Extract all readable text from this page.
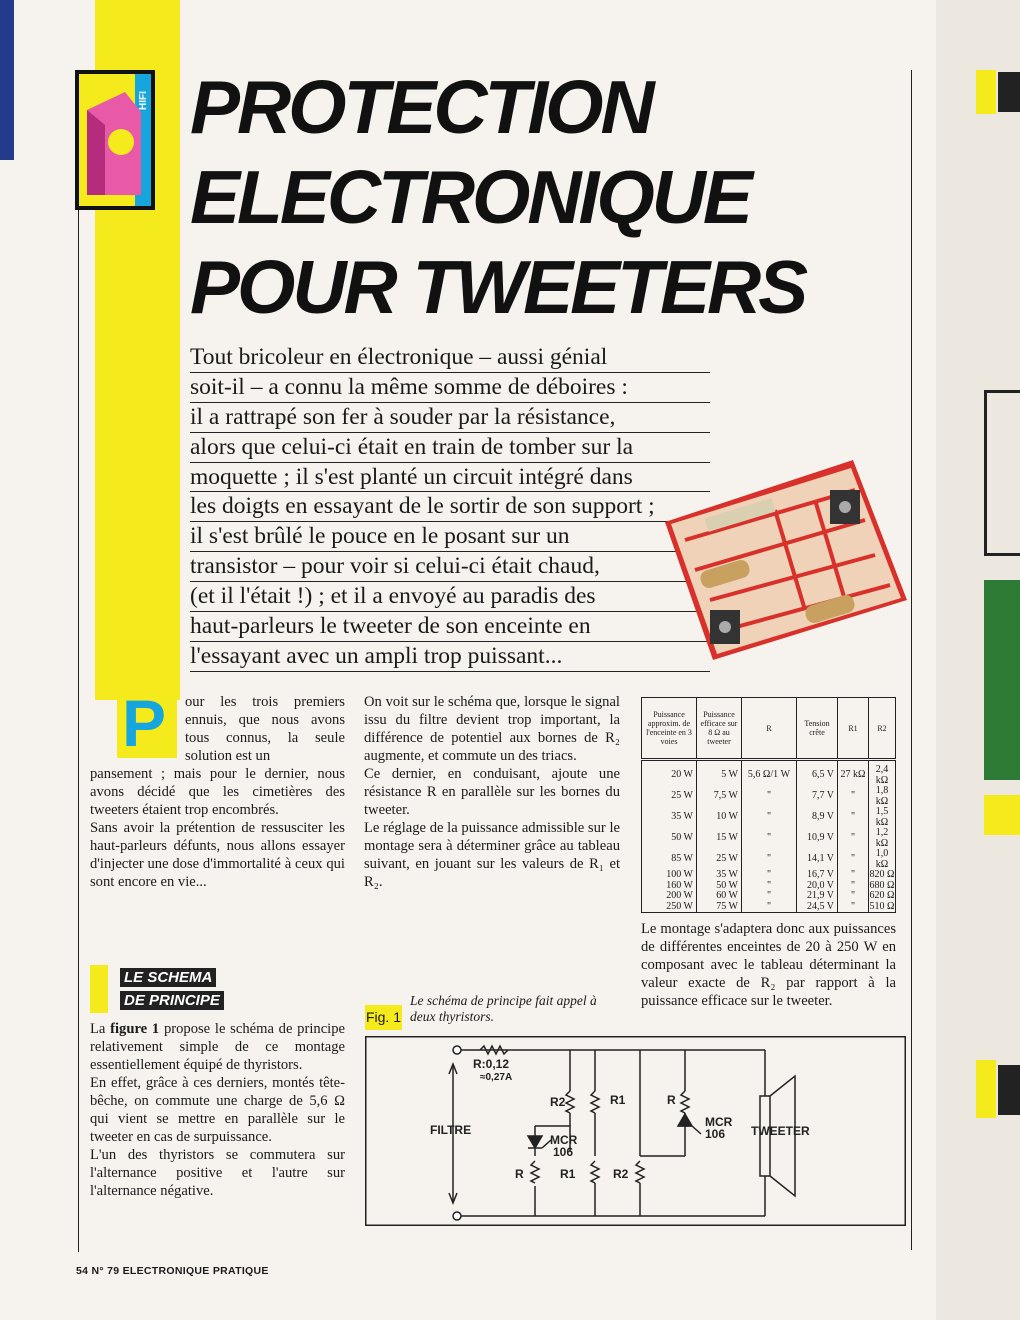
HIFI PROTECTION
ELECTRONIQUE
POUR TWEETERS
Tout bricoleur en électronique – aussi génial
soit-il – a connu la même somme de déboires :
il a rattrapé son fer à souder par la résistance,
alors que celui-ci était en train de tomber sur la
moquette ; il s'est planté un circuit intégré dans
les doigts en essayant de le sortir de son support ;
il s'est brûlé le pouce en le posant sur un
transistor – pour voir si celui-ci était chaud,
(et il l'était !) ; et il a envoyé au paradis des
haut-parleurs le tweeter de son enceinte en
l'essayant avec un ampli trop puissant...
P our les trois premiers ennuis, que nous avons tous connus, la seule solution est un

pansement ; mais pour le dernier, nous avons décidé que les cimetières des tweeters étaient trop encombrés.

Sans avoir la prétention de ressusciter les haut-parleurs défunts, nous allons essayer d'injecter une dose d'immortalité à ceux qui sont encore en vie...

LE SCHEMA
DE PRINCIPE

La figure 1 propose le schéma de principe relativement simple de ce montage essentiellement équipé de thyristors.

En effet, grâce à ces derniers, montés tête-bêche, on commute une charge de 5,6 Ω qui vient se mettre en parallèle sur le tweeter en cas de surpuissance.

L'un des thyristors se commutera sur l'alternance positive et l'autre sur l'alternance négative.

On voit sur le schéma que, lorsque le signal issu du filtre devient trop important, la différence de potentiel aux bornes de R₂ augmente, et commute un des triacs.

Ce dernier, en conduisant, ajoute une résistance R en parallèle sur les bornes du tweeter.

Le réglage de la puissance admissible sur le montage sera à déterminer grâce au tableau suivant, en jouant sur les valeurs de R₁ et R₂.

Puissance approxim. de l'enceinte en 3 voies	Puissance efficace sur 8 Ω au tweeter	R	Tension crête	R1	R2
20 W	5 W	5,6 Ω/1 W	6,5 V	27 kΩ	2,4 kΩ
25 W	7,5 W	"	7,7 V	"	1,8 kΩ
35 W	10 W	"	8,9 V	"	1,5 kΩ
50 W	15 W	"	10,9 V	"	1,2 kΩ
85 W	25 W	"	14,1 V	"	1,0 kΩ
100 W	35 W	"	16,7 V	"	820 Ω
160 W	50 W	"	20,0 V	"	680 Ω
200 W	60 W	"	21,9 V	"	620 Ω
250 W	75 W	"	24,5 V	"	510 Ω

Le montage s'adaptera donc aux puissances de différentes enceintes de 20 à 250 W en composant avec le tableau déterminant la valeur exacte de R₂ par rapport à la puissance efficace sur le tweeter.

Fig. 1
Le schéma de principe fait appel à deux thyristors.
R:0,12
≈0,27A
FILTRE
MCR
106
MCR
106 TWEETER
R2	R1	R
R	R1	R2
54 N° 79 ELECTRONIQUE PRATIQUE
